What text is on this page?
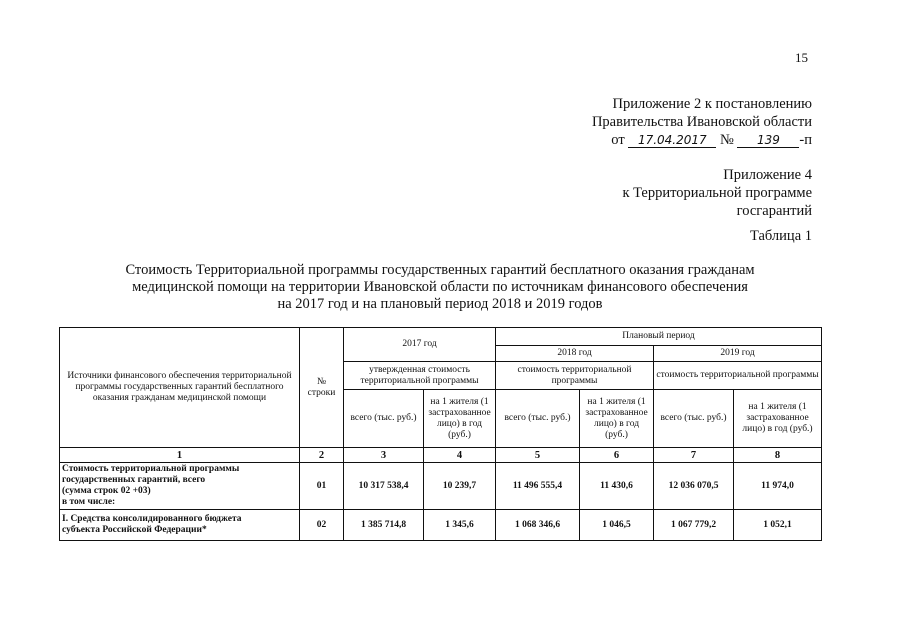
15
Приложение 2 к постановлению
Правительства Ивановской области
от 17.04.2017 № 139 -п
Приложение 4
к Территориальной программе
госгарантий
Таблица 1
Стоимость Территориальной программы государственных гарантий бесплатного оказания гражданам
медицинской помощи на территории Ивановской области по источникам финансового обеспечения
на 2017 год и на плановый период 2018 и 2019 годов
Источники финансового обеспечения территориальной программы государственных гарантий бесплатного оказания гражданам медицинской помощи	№
строки	2017 год		Плановый период			
				2018 год		2019 год	
		утвержденная стоимость территориальной программы		стоимость территориальной программы		стоимость территориальной программы	
		всего (тыс. руб.)	на 1 жителя (1 застрахованное лицо) в год (руб.)	всего (тыс. руб.)	на 1 жителя (1 застрахованное лицо) в год (руб.)	всего (тыс. руб.)	на 1 жителя (1 застрахованное лицо) в год (руб.)
1	2	3	4	5	6	7	8

Стоимость территориальной программы
государственных гарантий, всего
(сумма строк 02 +03)
в том числе:	01	10 317 538,4	10 239,7	11 496 555,4	11 430,6	12 036 070,5	11 974,0

I. Средства консолидированного бюджета
субъекта Российской Федерации*	02	1 385 714,8	1 345,6	1 068 346,6	1 046,5	1 067 779,2	1 052,1
